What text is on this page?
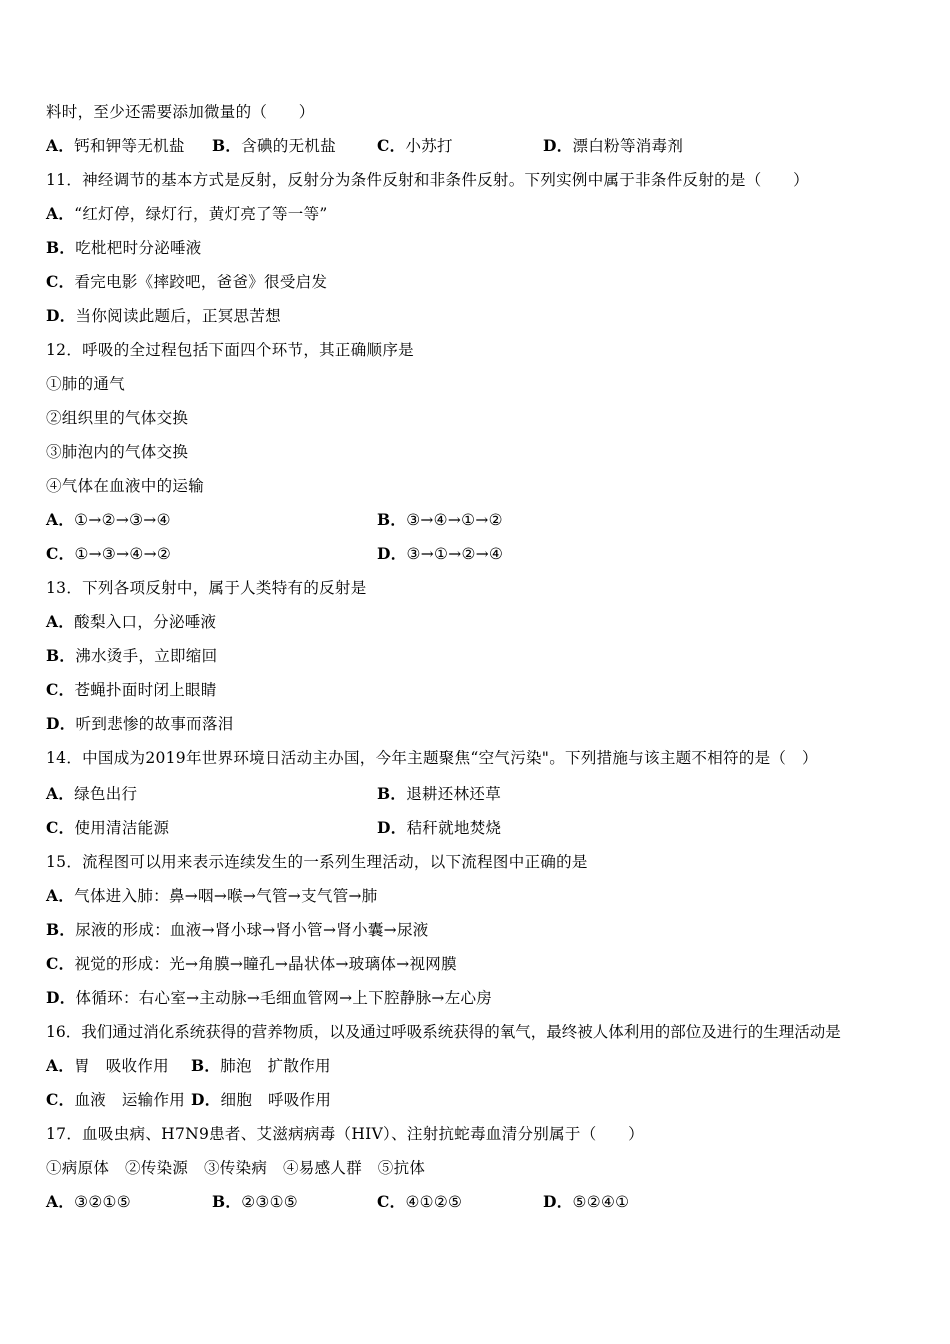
料时，至少还需要添加微量的（　　）
A．钙和钾等无机盐 B．含碘的无机盐	C．小苏打	D．漂白粉等消毒剂
11．神经调节的基本方式是反射，反射分为条件反射和非条件反射。下列实例中属于非条件反射的是（　　）
A．“红灯停，绿灯行，黄灯亮了等一等”
B．吃枇杷时分泌唾液
C．看完电影《摔跤吧，爸爸》很受启发
D．当你阅读此题后，正冥思苦想
12．呼吸的全过程包括下面四个环节，其正确顺序是
①肺的通气
②组织里的气体交换
③肺泡内的气体交换
④气体在血液中的运输
A．①→②→③→④	B．③→④→①→②
C．①→③→④→②	D．③→①→②→④
13．下列各项反射中，属于人类特有的反射是
A．酸梨入口，分泌唾液
B．沸水烫手，立即缩回
C．苍蝇扑面时闭上眼睛
D．听到悲惨的故事而落泪
14．中国成为2019年世界环境日活动主办国，今年主题聚焦“空气污染"。下列措施与该主题不相符的是（　）
A．绿色出行	B．退耕还林还草
C．使用清洁能源	D．秸秆就地焚烧
15．流程图可以用来表示连续发生的一系列生理活动，以下流程图中正确的是
A．气体进入肺：鼻→咽→喉→气管→支气管→肺
B．尿液的形成：血液→肾小球→肾小管→肾小囊→尿液
C．视觉的形成：光→角膜→瞳孔→晶状体→玻璃体→视网膜
D．体循环：右心室→主动脉→毛细血管网→上下腔静脉→左心房
16．我们通过消化系统获得的营养物质，以及通过呼吸系统获得的氧气，最终被人体利用的部位及进行的生理活动是
A．胃　吸收作用 B．肺泡　扩散作用
C．血液　运输作用 D．细胞　呼吸作用
17．血吸虫病、H7N9患者、艾滋病病毒（HIV）、注射抗蛇毒血清分别属于（　　）
①病原体　②传染源　③传染病　④易感人群　⑤抗体
A．③②①⑤	B．②③①⑤	C．④①②⑤	D．⑤②④①
